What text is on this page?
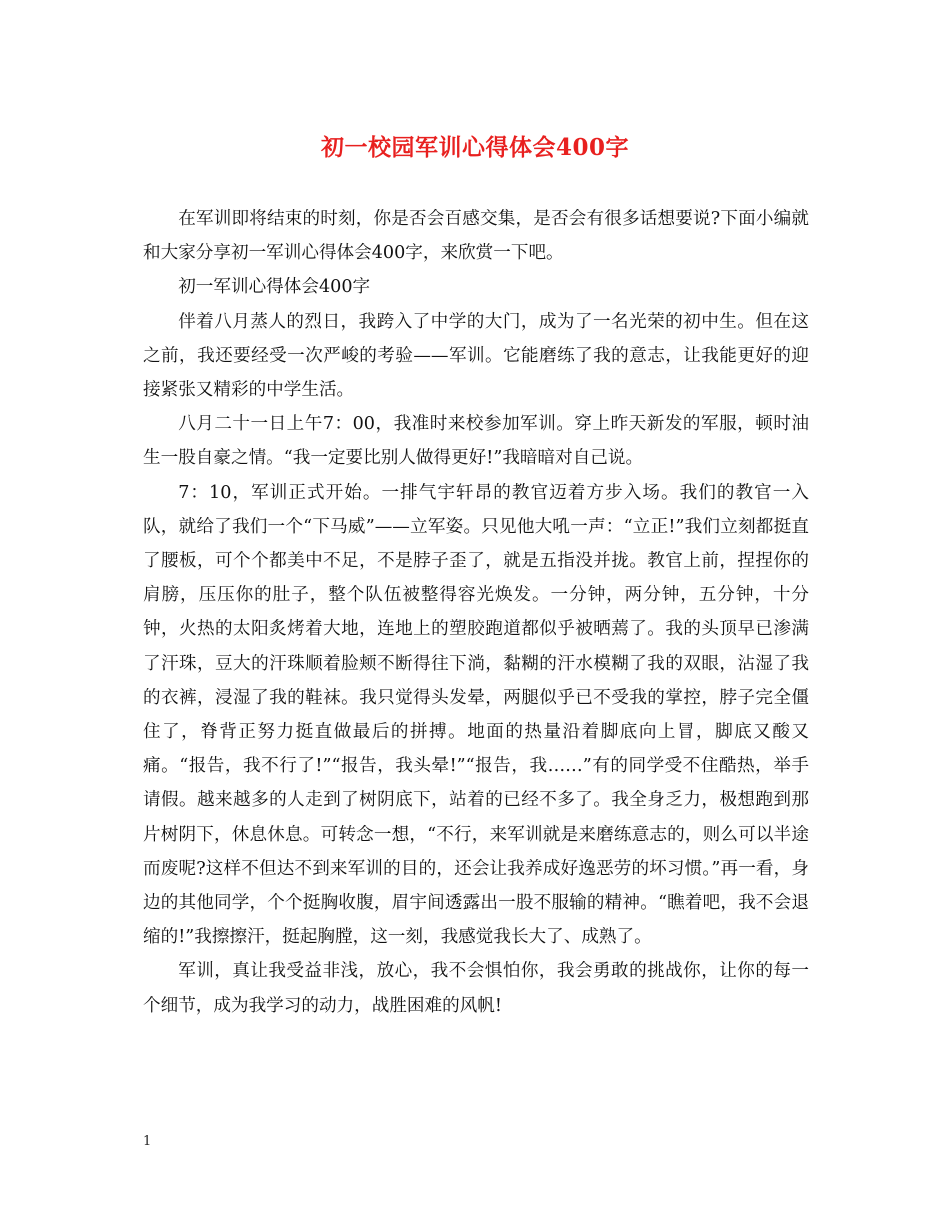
初一校园军训心得体会400字

在军训即将结束的时刻，你是否会百感交集，是否会有很多话想要说?下面小编就和大家分享初一军训心得体会400字，来欣赏一下吧。

初一军训心得体会400字

伴着八月蒸人的烈日，我跨入了中学的大门，成为了一名光荣的初中生。但在这之前，我还要经受一次严峻的考验——军训。它能磨练了我的意志，让我能更好的迎接紧张又精彩的中学生活。

八月二十一日上午7：00，我准时来校参加军训。穿上昨天新发的军服，顿时油生一股自豪之情。“我一定要比别人做得更好!”我暗暗对自己说。

7：10，军训正式开始。一排气宇轩昂的教官迈着方步入场。我们的教官一入队，就给了我们一个“下马威”——立军姿。只见他大吼一声：“立正!”我们立刻都挺直了腰板，可个个都美中不足，不是脖子歪了，就是五指没并拢。教官上前，捏捏你的肩膀，压压你的肚子，整个队伍被整得容光焕发。一分钟，两分钟，五分钟，十分钟，火热的太阳炙烤着大地，连地上的塑胶跑道都似乎被晒蔫了。我的头顶早已渗满了汗珠，豆大的汗珠顺着脸颊不断得往下淌，黏糊的汗水模糊了我的双眼，沾湿了我的衣裤，浸湿了我的鞋袜。我只觉得头发晕，两腿似乎已不受我的掌控，脖子完全僵住了，脊背正努力挺直做最后的拼搏。地面的热量沿着脚底向上冒，脚底又酸又痛。“报告，我不行了!”“报告，我头晕!”“报告，我……”有的同学受不住酷热，举手请假。越来越多的人走到了树阴底下，站着的已经不多了。我全身乏力，极想跑到那片树阴下，休息休息。可转念一想，“不行，来军训就是来磨练意志的，则么可以半途而废呢?这样不但达不到来军训的目的，还会让我养成好逸恶劳的坏习惯。”再一看，身边的其他同学，个个挺胸收腹，眉宇间透露出一股不服输的精神。“瞧着吧，我不会退缩的!”我擦擦汗，挺起胸膛，这一刻，我感觉我长大了、成熟了。

军训，真让我受益非浅，放心，我不会惧怕你，我会勇敢的挑战你，让你的每一个细节，成为我学习的动力，战胜困难的风帆!

1
